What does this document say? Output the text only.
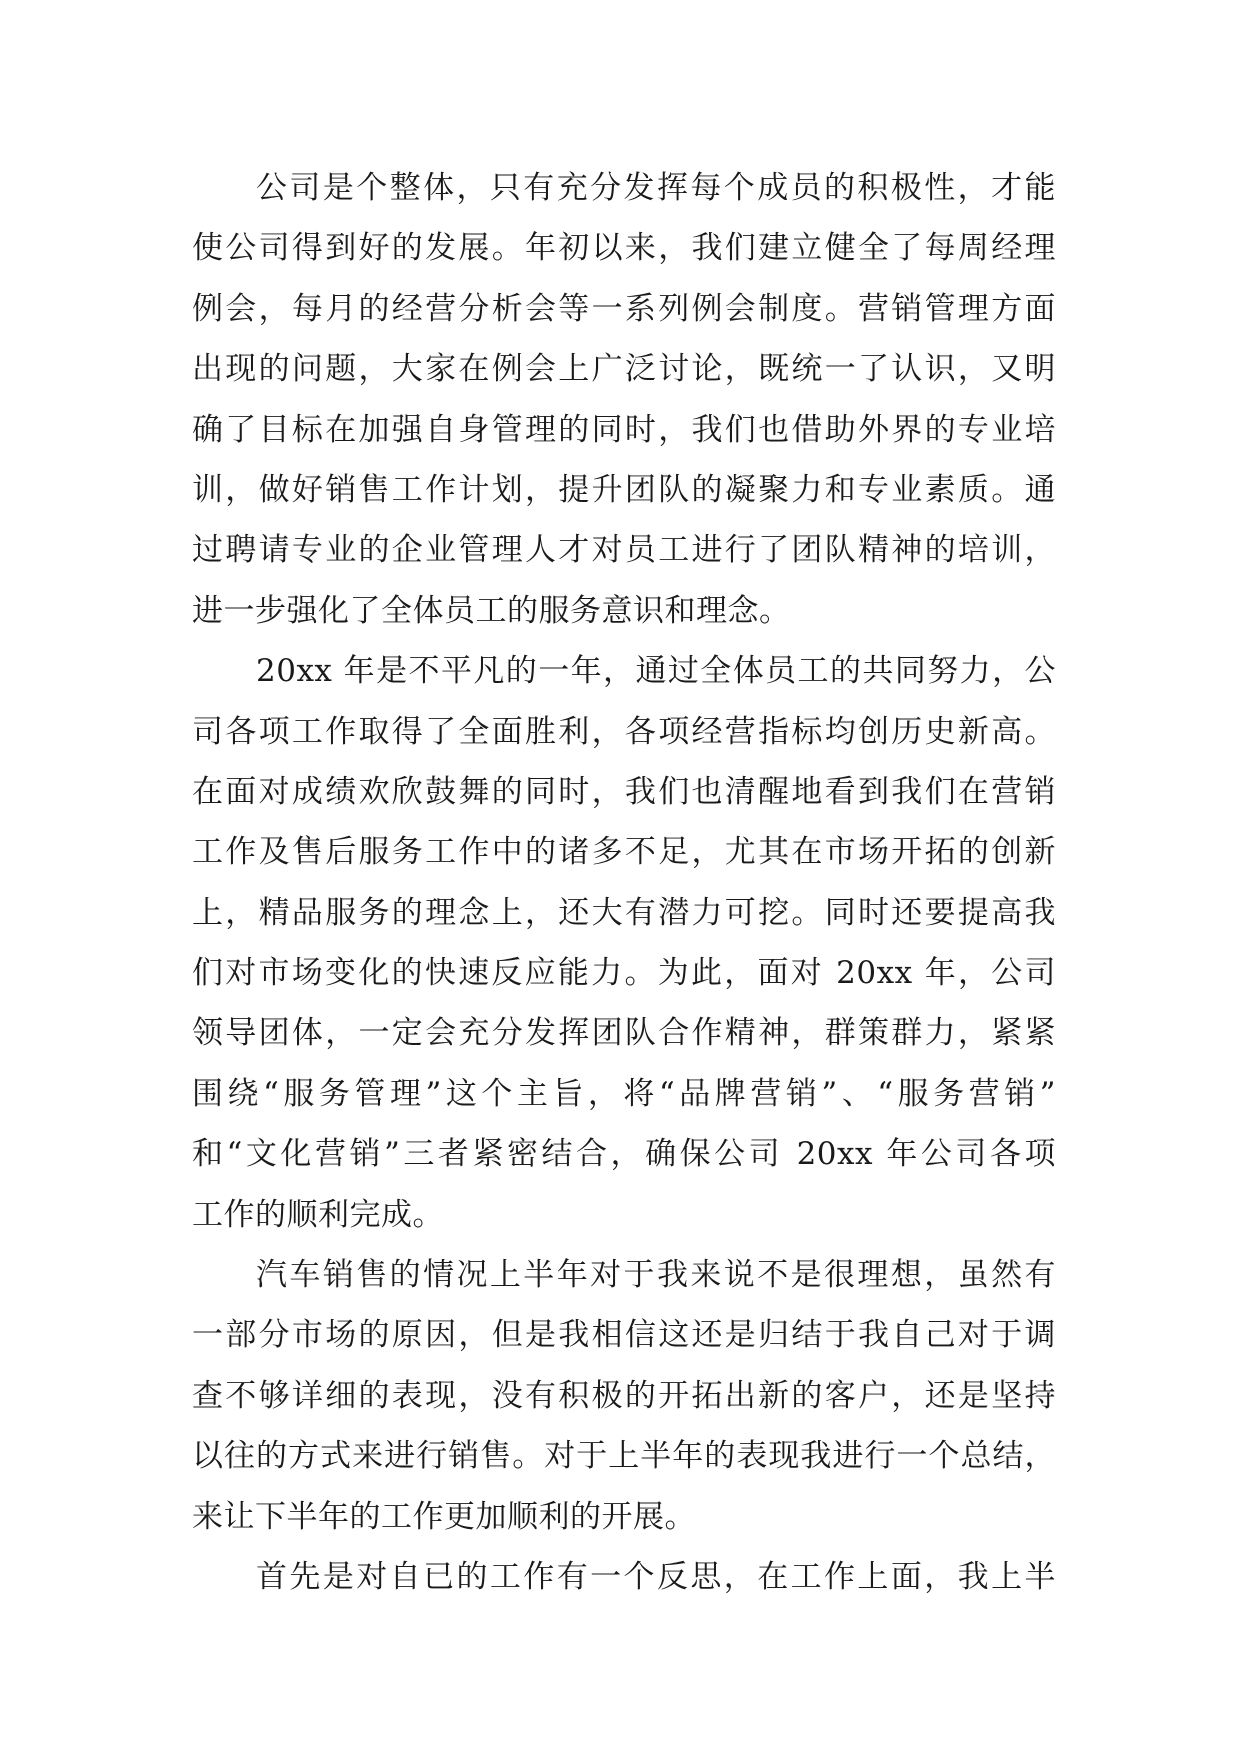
公司是个整体，只有充分发挥每个成员的积极性，才能
使公司得到好的发展。年初以来，我们建立健全了每周经理
例会，每月的经营分析会等一系列例会制度。营销管理方面
出现的问题，大家在例会上广泛讨论，既统一了认识，又明
确了目标在加强自身管理的同时，我们也借助外界的专业培
训，做好销售工作计划，提升团队的凝聚力和专业素质。通
过聘请专业的企业管理人才对员工进行了团队精神的培训，
进一步强化了全体员工的服务意识和理念。
20xx 年是不平凡的一年，通过全体员工的共同努力，公
司各项工作取得了全面胜利，各项经营指标均创历史新高。
在面对成绩欢欣鼓舞的同时，我们也清醒地看到我们在营销
工作及售后服务工作中的诸多不足，尤其在市场开拓的创新
上，精品服务的理念上，还大有潜力可挖。同时还要提高我
们对市场变化的快速反应能力。为此，面对 20xx 年，公司
领导团体，一定会充分发挥团队合作精神，群策群力，紧紧
围绕“服务管理”这个主旨，将“品牌营销”、“服务营销”
和“文化营销”三者紧密结合，确保公司 20xx 年公司各项
工作的顺利完成。
汽车销售的情况上半年对于我来说不是很理想，虽然有
一部分市场的原因，但是我相信这还是归结于我自己对于调
查不够详细的表现，没有积极的开拓出新的客户，还是坚持
以往的方式来进行销售。对于上半年的表现我进行一个总结，
来让下半年的工作更加顺利的开展。
首先是对自已的工作有一个反思，在工作上面，我上半
